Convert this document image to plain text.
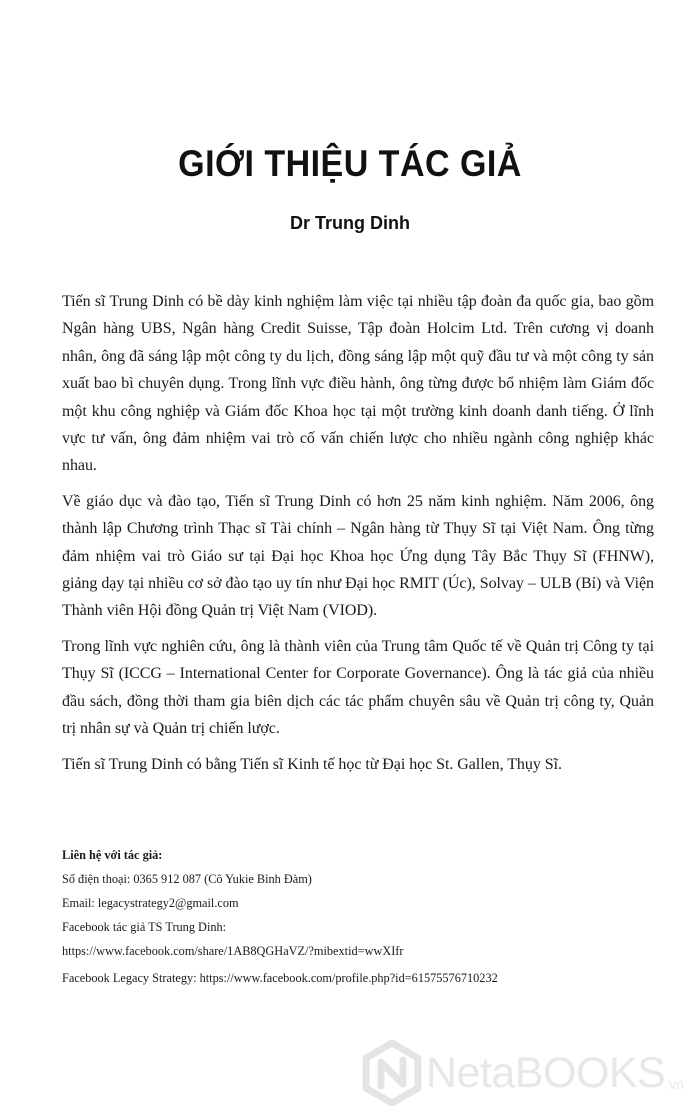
GIỚI THIỆU TÁC GIẢ
Dr Trung Dinh

Tiến sĩ Trung Dinh có bề dày kinh nghiệm làm việc tại nhiều tập đoàn đa quốc gia, bao gồm Ngân hàng UBS, Ngân hàng Credit Suisse, Tập đoàn Holcim Ltd. Trên cương vị doanh nhân, ông đã sáng lập một công ty du lịch, đồng sáng lập một quỹ đầu tư và một công ty sản xuất bao bì chuyên dụng. Trong lĩnh vực điều hành, ông từng được bổ nhiệm làm Giám đốc một khu công nghiệp và Giám đốc Khoa học tại một trường kinh doanh danh tiếng. Ở lĩnh vực tư vấn, ông đảm nhiệm vai trò cố vấn chiến lược cho nhiều ngành công nghiệp khác nhau.

Về giáo dục và đào tạo, Tiến sĩ Trung Dinh có hơn 25 năm kinh nghiệm. Năm 2006, ông thành lập Chương trình Thạc sĩ Tài chính – Ngân hàng từ Thụy Sĩ tại Việt Nam. Ông từng đảm nhiệm vai trò Giáo sư tại Đại học Khoa học Ứng dụng Tây Bắc Thụy Sĩ (FHNW), giảng dạy tại nhiều cơ sở đào tạo uy tín như Đại học RMIT (Úc), Solvay – ULB (Bỉ) và Viện Thành viên Hội đồng Quản trị Việt Nam (VIOD).

Trong lĩnh vực nghiên cứu, ông là thành viên của Trung tâm Quốc tế về Quản trị Công ty tại Thụy Sĩ (ICCG – International Center for Corporate Governance). Ông là tác giả của nhiều đầu sách, đồng thời tham gia biên dịch các tác phẩm chuyên sâu về Quản trị công ty, Quản trị nhân sự và Quản trị chiến lược.

Tiến sĩ Trung Dinh có bằng Tiến sĩ Kinh tế học từ Đại học St. Gallen, Thụy Sĩ.

Liên hệ với tác giả:
Số điện thoại: 0365 912 087 (Cô Yukie Bình Đàm)
Email: legacystrategy2@gmail.com
Facebook tác giả TS Trung Dinh:
https://www.facebook.com/share/1AB8QGHaVZ/?mibextid=wwXIfr
Facebook Legacy Strategy: https://www.facebook.com/profile.php?id=61575576710232
NetaBOOKS .vn
